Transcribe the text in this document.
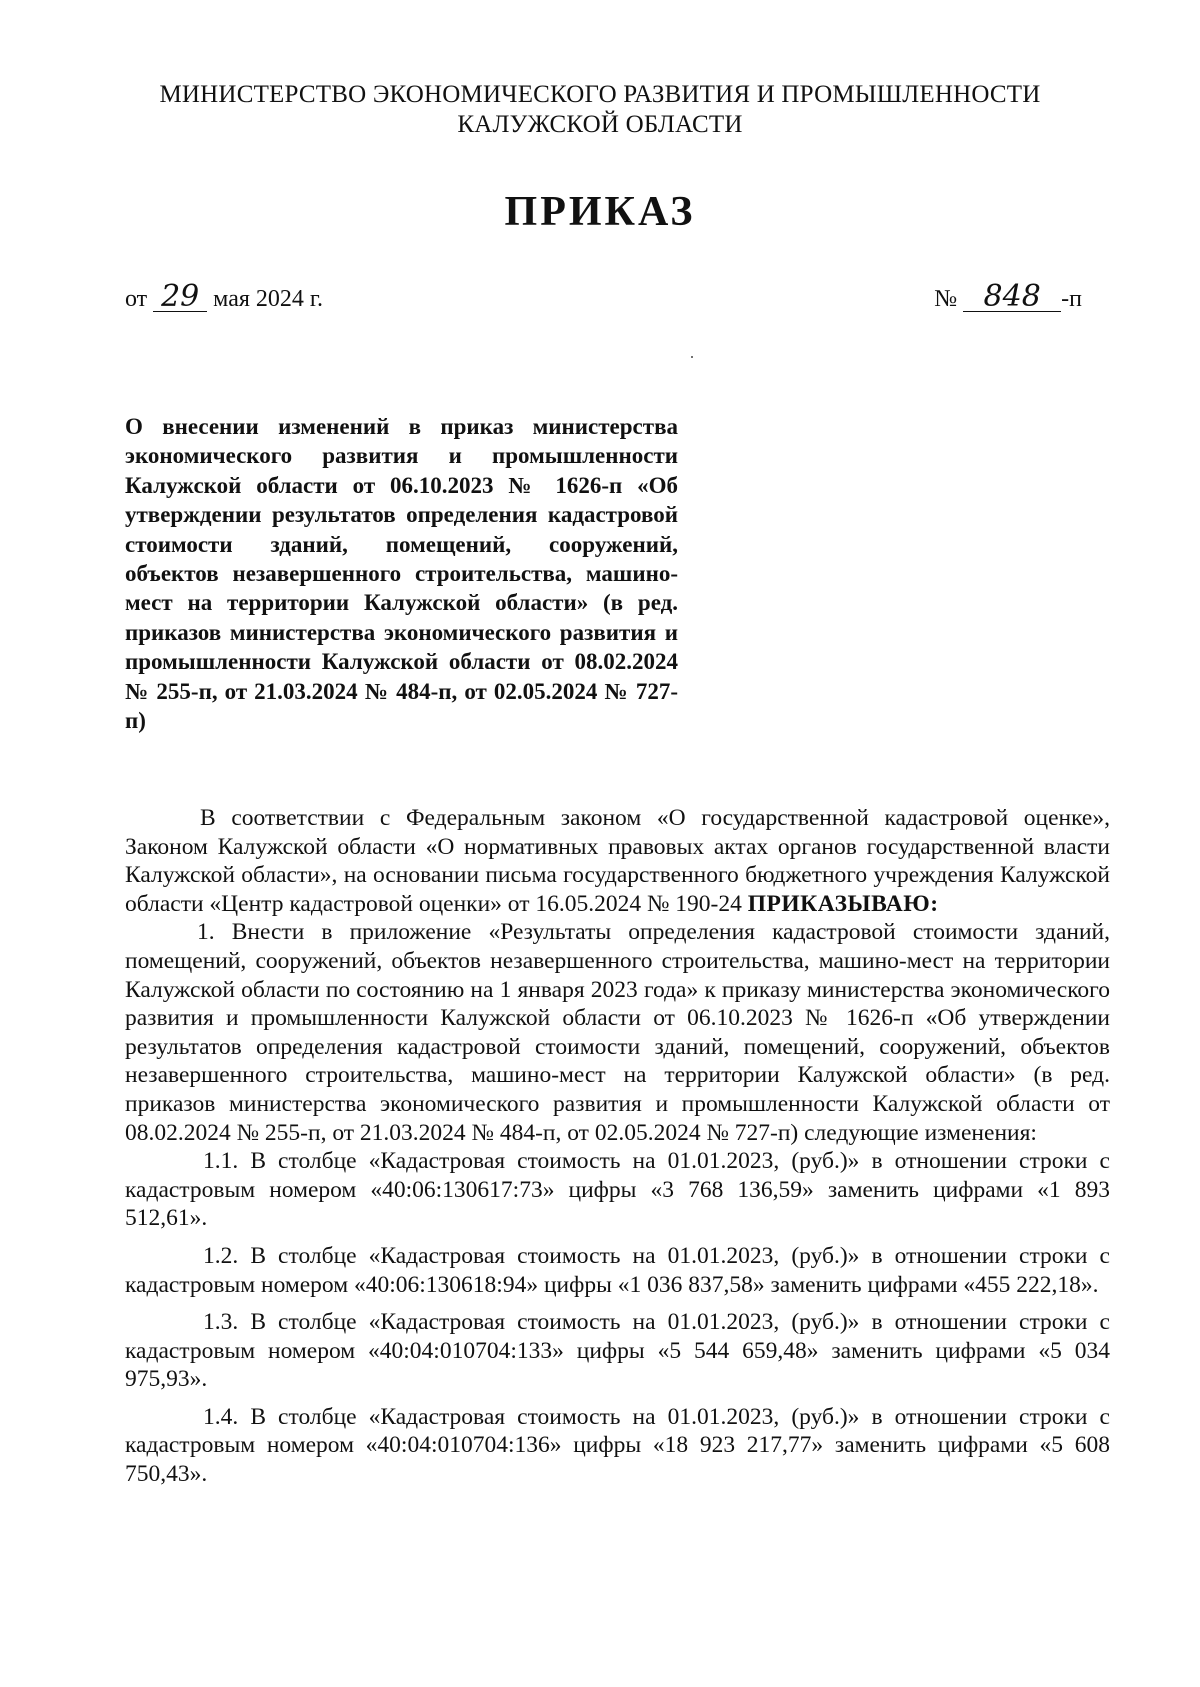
МИНИСТЕРСТВО ЭКОНОМИЧЕСКОГО РАЗВИТИЯ И ПРОМЫШЛЕННОСТИ
КАЛУЖСКОЙ ОБЛАСТИ
ПРИКАЗ
от 29 мая 2024 г.	№ 848 -п
О внесении изменений в приказ министерства экономического развития и промышленности Калужской области от 06.10.2023 № 1626-п «Об утверждении результатов определения кадастровой стоимости зданий, помещений, сооружений, объектов незавершенного строительства, машино-мест на территории Калужской области» (в ред. приказов министерства экономического развития и промышленности Калужской области от 08.02.2024 № 255-п, от 21.03.2024 № 484-п, от 02.05.2024 № 727-п)

В соответствии с Федеральным законом «О государственной кадастровой оценке», Законом Калужской области «О нормативных правовых актах органов государственной власти Калужской области», на основании письма государственного бюджетного учреждения Калужской области «Центр кадастровой оценки» от 16.05.2024 № 190-24 ПРИКАЗЫВАЮ:

1. Внести в приложение «Результаты определения кадастровой стоимости зданий, помещений, сооружений, объектов незавершенного строительства, машино-мест на территории Калужской области по состоянию на 1 января 2023 года» к приказу министерства экономического развития и промышленности Калужской области от 06.10.2023 № 1626-п «Об утверждении результатов определения кадастровой стоимости зданий, помещений, сооружений, объектов незавершенного строительства, машино-мест на территории Калужской области» (в ред. приказов министерства экономического развития и промышленности Калужской области от 08.02.2024 № 255-п, от 21.03.2024 № 484-п, от 02.05.2024 № 727-п) следующие изменения:

1.1. В столбце «Кадастровая стоимость на 01.01.2023, (руб.)» в отношении строки с кадастровым номером «40:06:130617:73» цифры «3 768 136,59» заменить цифрами «1 893 512,61».

1.2. В столбце «Кадастровая стоимость на 01.01.2023, (руб.)» в отношении строки с кадастровым номером «40:06:130618:94» цифры «1 036 837,58» заменить цифрами «455 222,18».

1.3. В столбце «Кадастровая стоимость на 01.01.2023, (руб.)» в отношении строки с кадастровым номером «40:04:010704:133» цифры «5 544 659,48» заменить цифрами «5 034 975,93».

1.4. В столбце «Кадастровая стоимость на 01.01.2023, (руб.)» в отношении строки с кадастровым номером «40:04:010704:136» цифры «18 923 217,77» заменить цифрами «5 608 750,43».
